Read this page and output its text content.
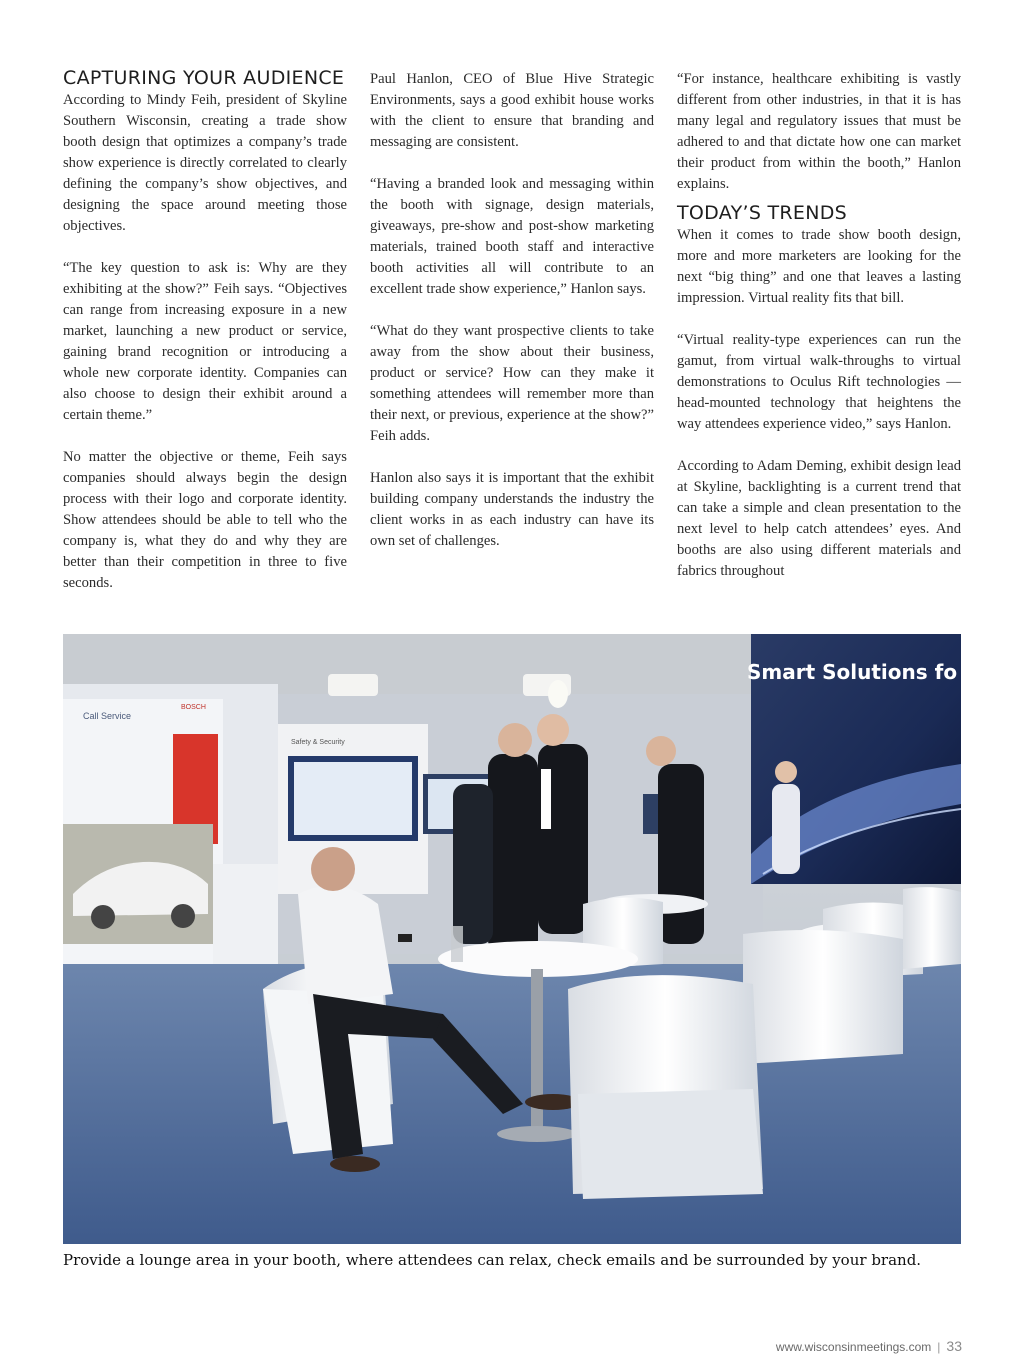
CAPTURING YOUR AUDIENCE

According to Mindy Feih, president of Skyline Southern Wisconsin, creating a trade show booth design that optimizes a company’s trade show experience is directly correlated to clearly defining the company’s show objectives, and designing the space around meeting those objectives.

“The key question to ask is: Why are they exhibiting at the show?” Feih says. “Objectives can range from increasing exposure in a new market, launching a new product or service, gaining brand recognition or introducing a whole new corporate identity. Companies can also choose to design their exhibit around a certain theme.”

No matter the objective or theme, Feih says companies should always begin the design process with their logo and corporate identity. Show attendees should be able to tell who the company is, what they do and why they are better than their competition in three to five seconds.

Paul Hanlon, CEO of Blue Hive Strategic Environments, says a good exhibit house works with the client to ensure that branding and messaging are consistent.

“Having a branded look and messaging within the booth with signage, design materials, giveaways, pre-show and post-show marketing materials, trained booth staff and interactive booth activities all will contribute to an excellent trade show experience,” Hanlon says.

“What do they want prospective clients to take away from the show about their business, product or service? How can they make it something attendees will remember more than their next, or previous, experience at the show?” Feih adds.

Hanlon also says it is important that the exhibit building company understands the industry the client works in as each industry can have its own set of challenges.

“For instance, healthcare exhibiting is vastly different from other industries, in that it is has many legal and regulatory issues that must be adhered to and that dictate how one can market their product from within the booth,” Hanlon explains.

TODAY’S TRENDS

When it comes to trade show booth design, more and more marketers are looking for the next “big thing” and one that leaves a lasting impression. Virtual reality fits that bill.

“Virtual reality-type experiences can run the gamut, from virtual walk-throughs to virtual demonstrations to Oculus Rift technologies — head-mounted technology that heightens the way attendees experience video,” says Hanlon.

According to Adam Deming, exhibit design lead at Skyline, backlighting is a current trend that can take a simple and clean presentation to the next level to help catch attendees’ eyes. And booths are also using different materials and fabrics throughout

Call Service
BOSCH
Safety & Security
Smart Solutions fo
Provide a lounge area in your booth, where attendees can relax, check emails and be surrounded by your brand.
www.wisconsinmeetings.com | 33
